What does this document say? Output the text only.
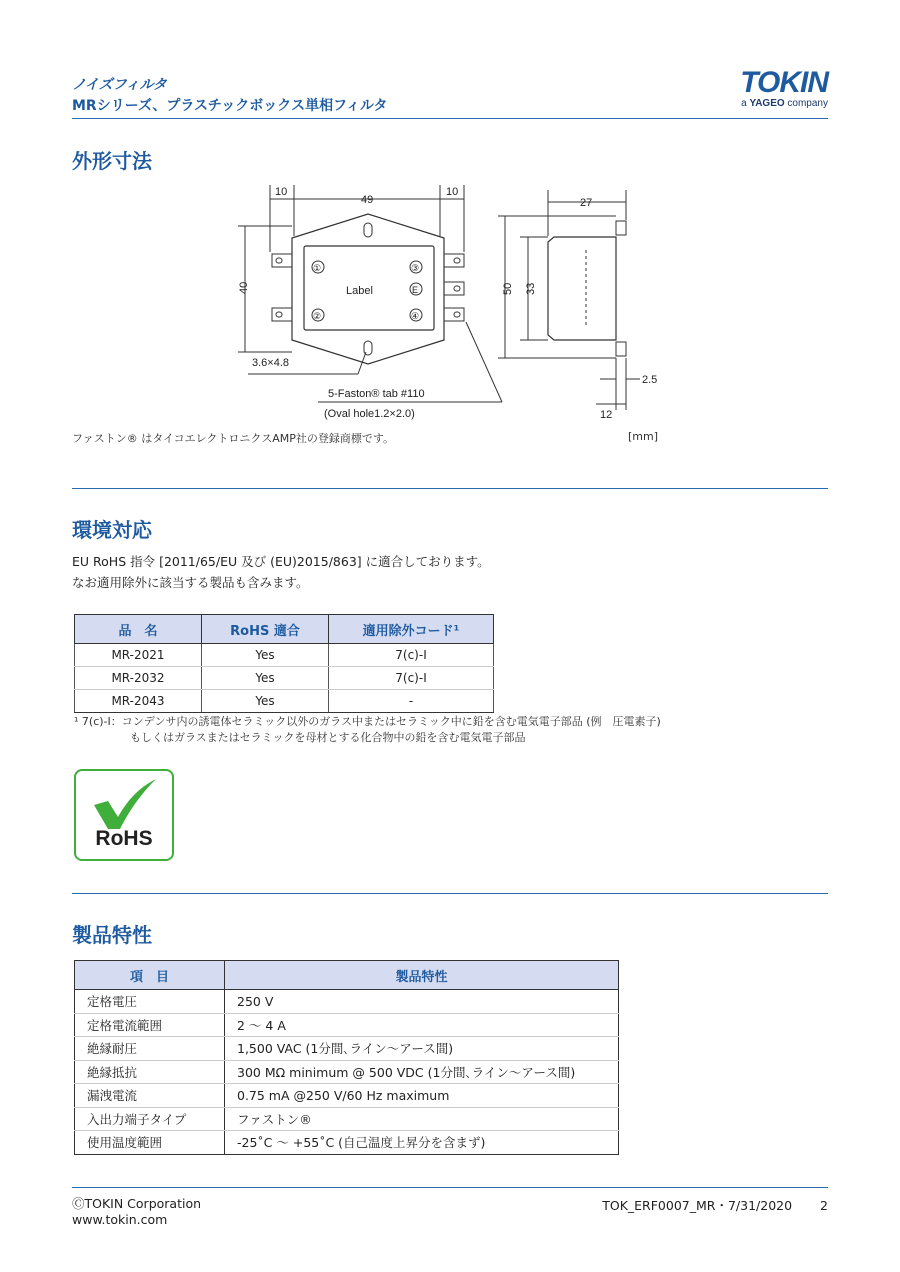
ノイズフィルタ
MRシリーズ、プラスチックボックス単相フィルタ
TOKIN
a YAGEO company
外形寸法
10
49
10
40	Label
①
②
③
E
④
3.6×4.8
5-Faston® tab #110
(Oval hole1.2×2.0)
27
50 33
2.5
12
ファストン® はタイコエレクトロニクスAMP社の登録商標です。	[mm]
環境対応
EU RoHS 指令 [2011/65/EU 及び (EU)2015/863] に適合しております。
なお適用除外に該当する製品も含みます。
品　名	RoHS 適合	適用除外コード¹
MR-2021	Yes	7(c)-Ⅰ
MR-2032	Yes	7(c)-Ⅰ
MR-2043	Yes	-
¹ 7(c)-Ⅰ：コンデンサ内の誘電体セラミック以外のガラス中またはセラミック中に鉛を含む電気電子部品 (例　圧電素子)
もしくはガラスまたはセラミックを母材とする化合物中の鉛を含む電気電子部品
RoHS
製品特性
項　目	製品特性
定格電圧	250 V
定格電流範囲	2 ～ 4 A
絶縁耐圧	1,500 VAC (1分間､ライン～アース間)
絶縁抵抗	300 MΩ minimum @ 500 VDC (1分間､ライン～アース間)
漏洩電流	0.75 mA @250 V/60 Hz maximum
入出力端子タイプ	ファストン®
使用温度範囲	-25˚C ～ +55˚C (自己温度上昇分を含まず)
ⒸTOKIN Corporation
www.tokin.com
TOK_ERF0007_MR・7/31/2020 2
